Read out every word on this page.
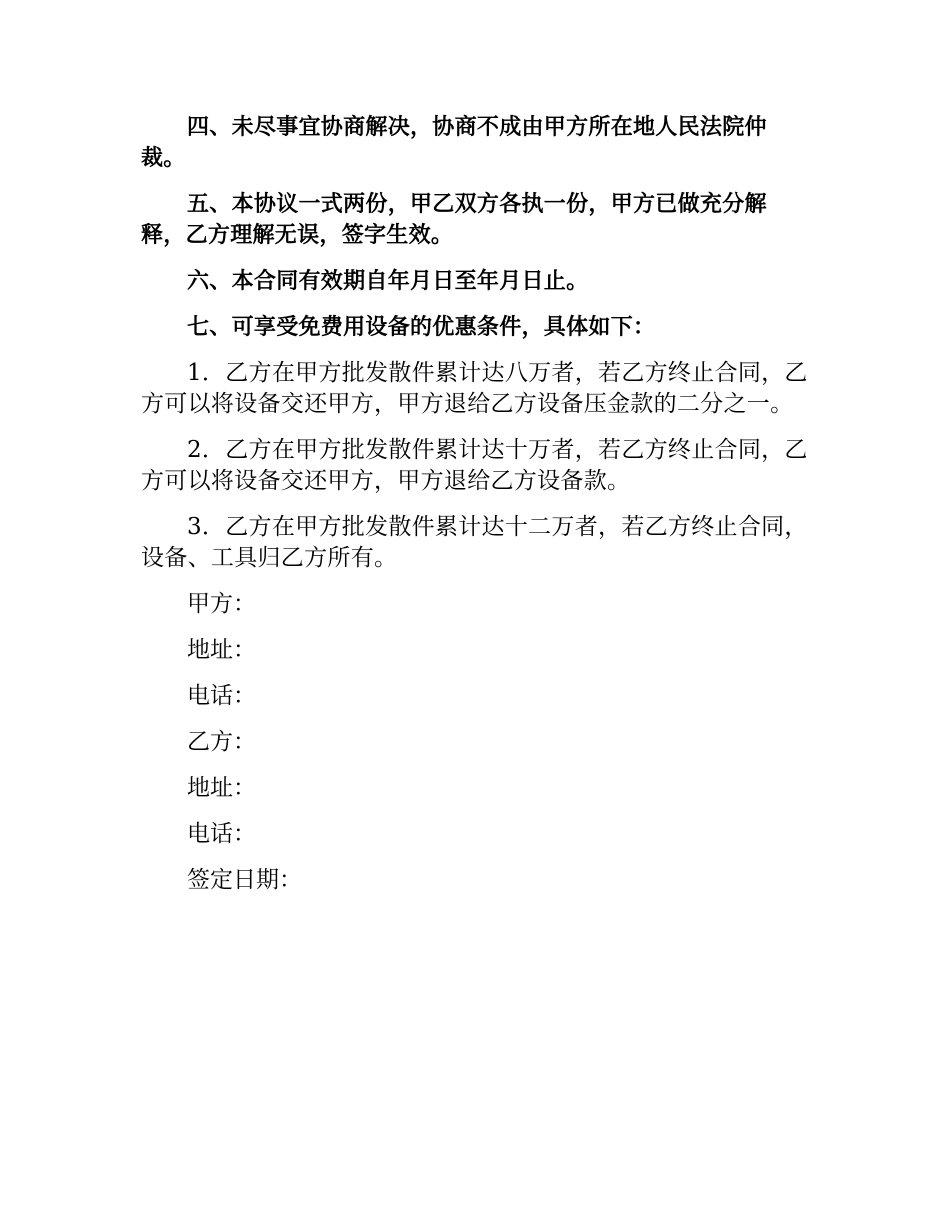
四、未尽事宜协商解决，协商不成由甲方所在地人民法院仲裁。

五、本协议一式两份，甲乙双方各执一份，甲方已做充分解释，乙方理解无误，签字生效。

六、本合同有效期自年月日至年月日止。

七、可享受免费用设备的优惠条件，具体如下：

1．乙方在甲方批发散件累计达八万者，若乙方终止合同，乙方可以将设备交还甲方，甲方退给乙方设备压金款的二分之一。

2．乙方在甲方批发散件累计达十万者，若乙方终止合同，乙方可以将设备交还甲方，甲方退给乙方设备款。

3．乙方在甲方批发散件累计达十二万者，若乙方终止合同，设备、工具归乙方所有。

甲方：

地址：

电话：

乙方：

地址：

电话：

签定日期：
